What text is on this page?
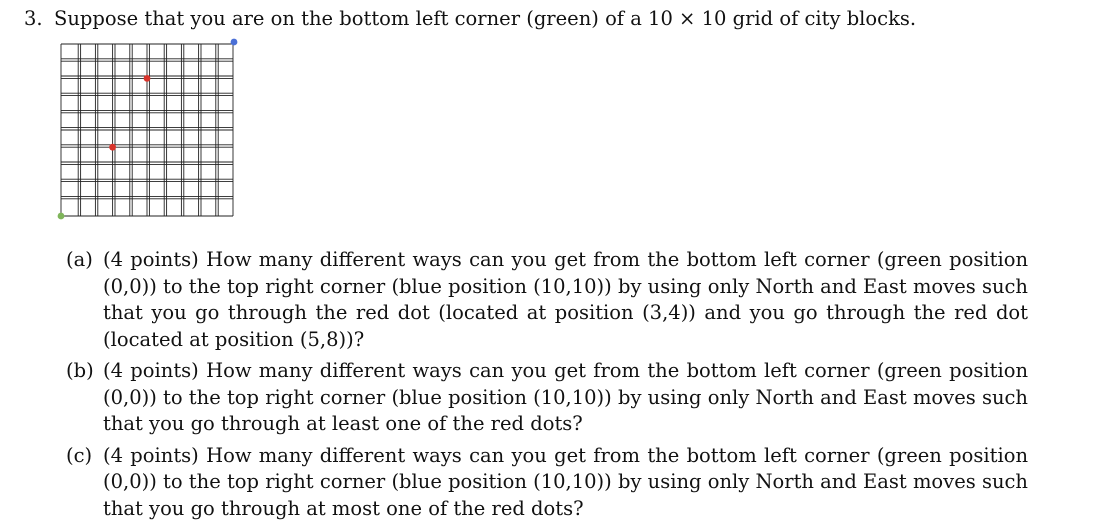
3. Suppose that you are on the bottom left corner (green) of a 10 × 10 grid of city blocks.
(a) (4 points) How many different ways can you get from the bottom left corner (green position (0,0)) to the top right corner (blue position (10,10)) by using only North and East moves such that you go through the red dot (located at position (3,4)) and you go through the red dot (located at position (5,8))?
(b) (4 points) How many different ways can you get from the bottom left corner (green position (0,0)) to the top right corner (blue position (10,10)) by using only North and East moves such that you go through at least one of the red dots?
(c) (4 points) How many different ways can you get from the bottom left corner (green position (0,0)) to the top right corner (blue position (10,10)) by using only North and East moves such that you go through at most one of the red dots?
